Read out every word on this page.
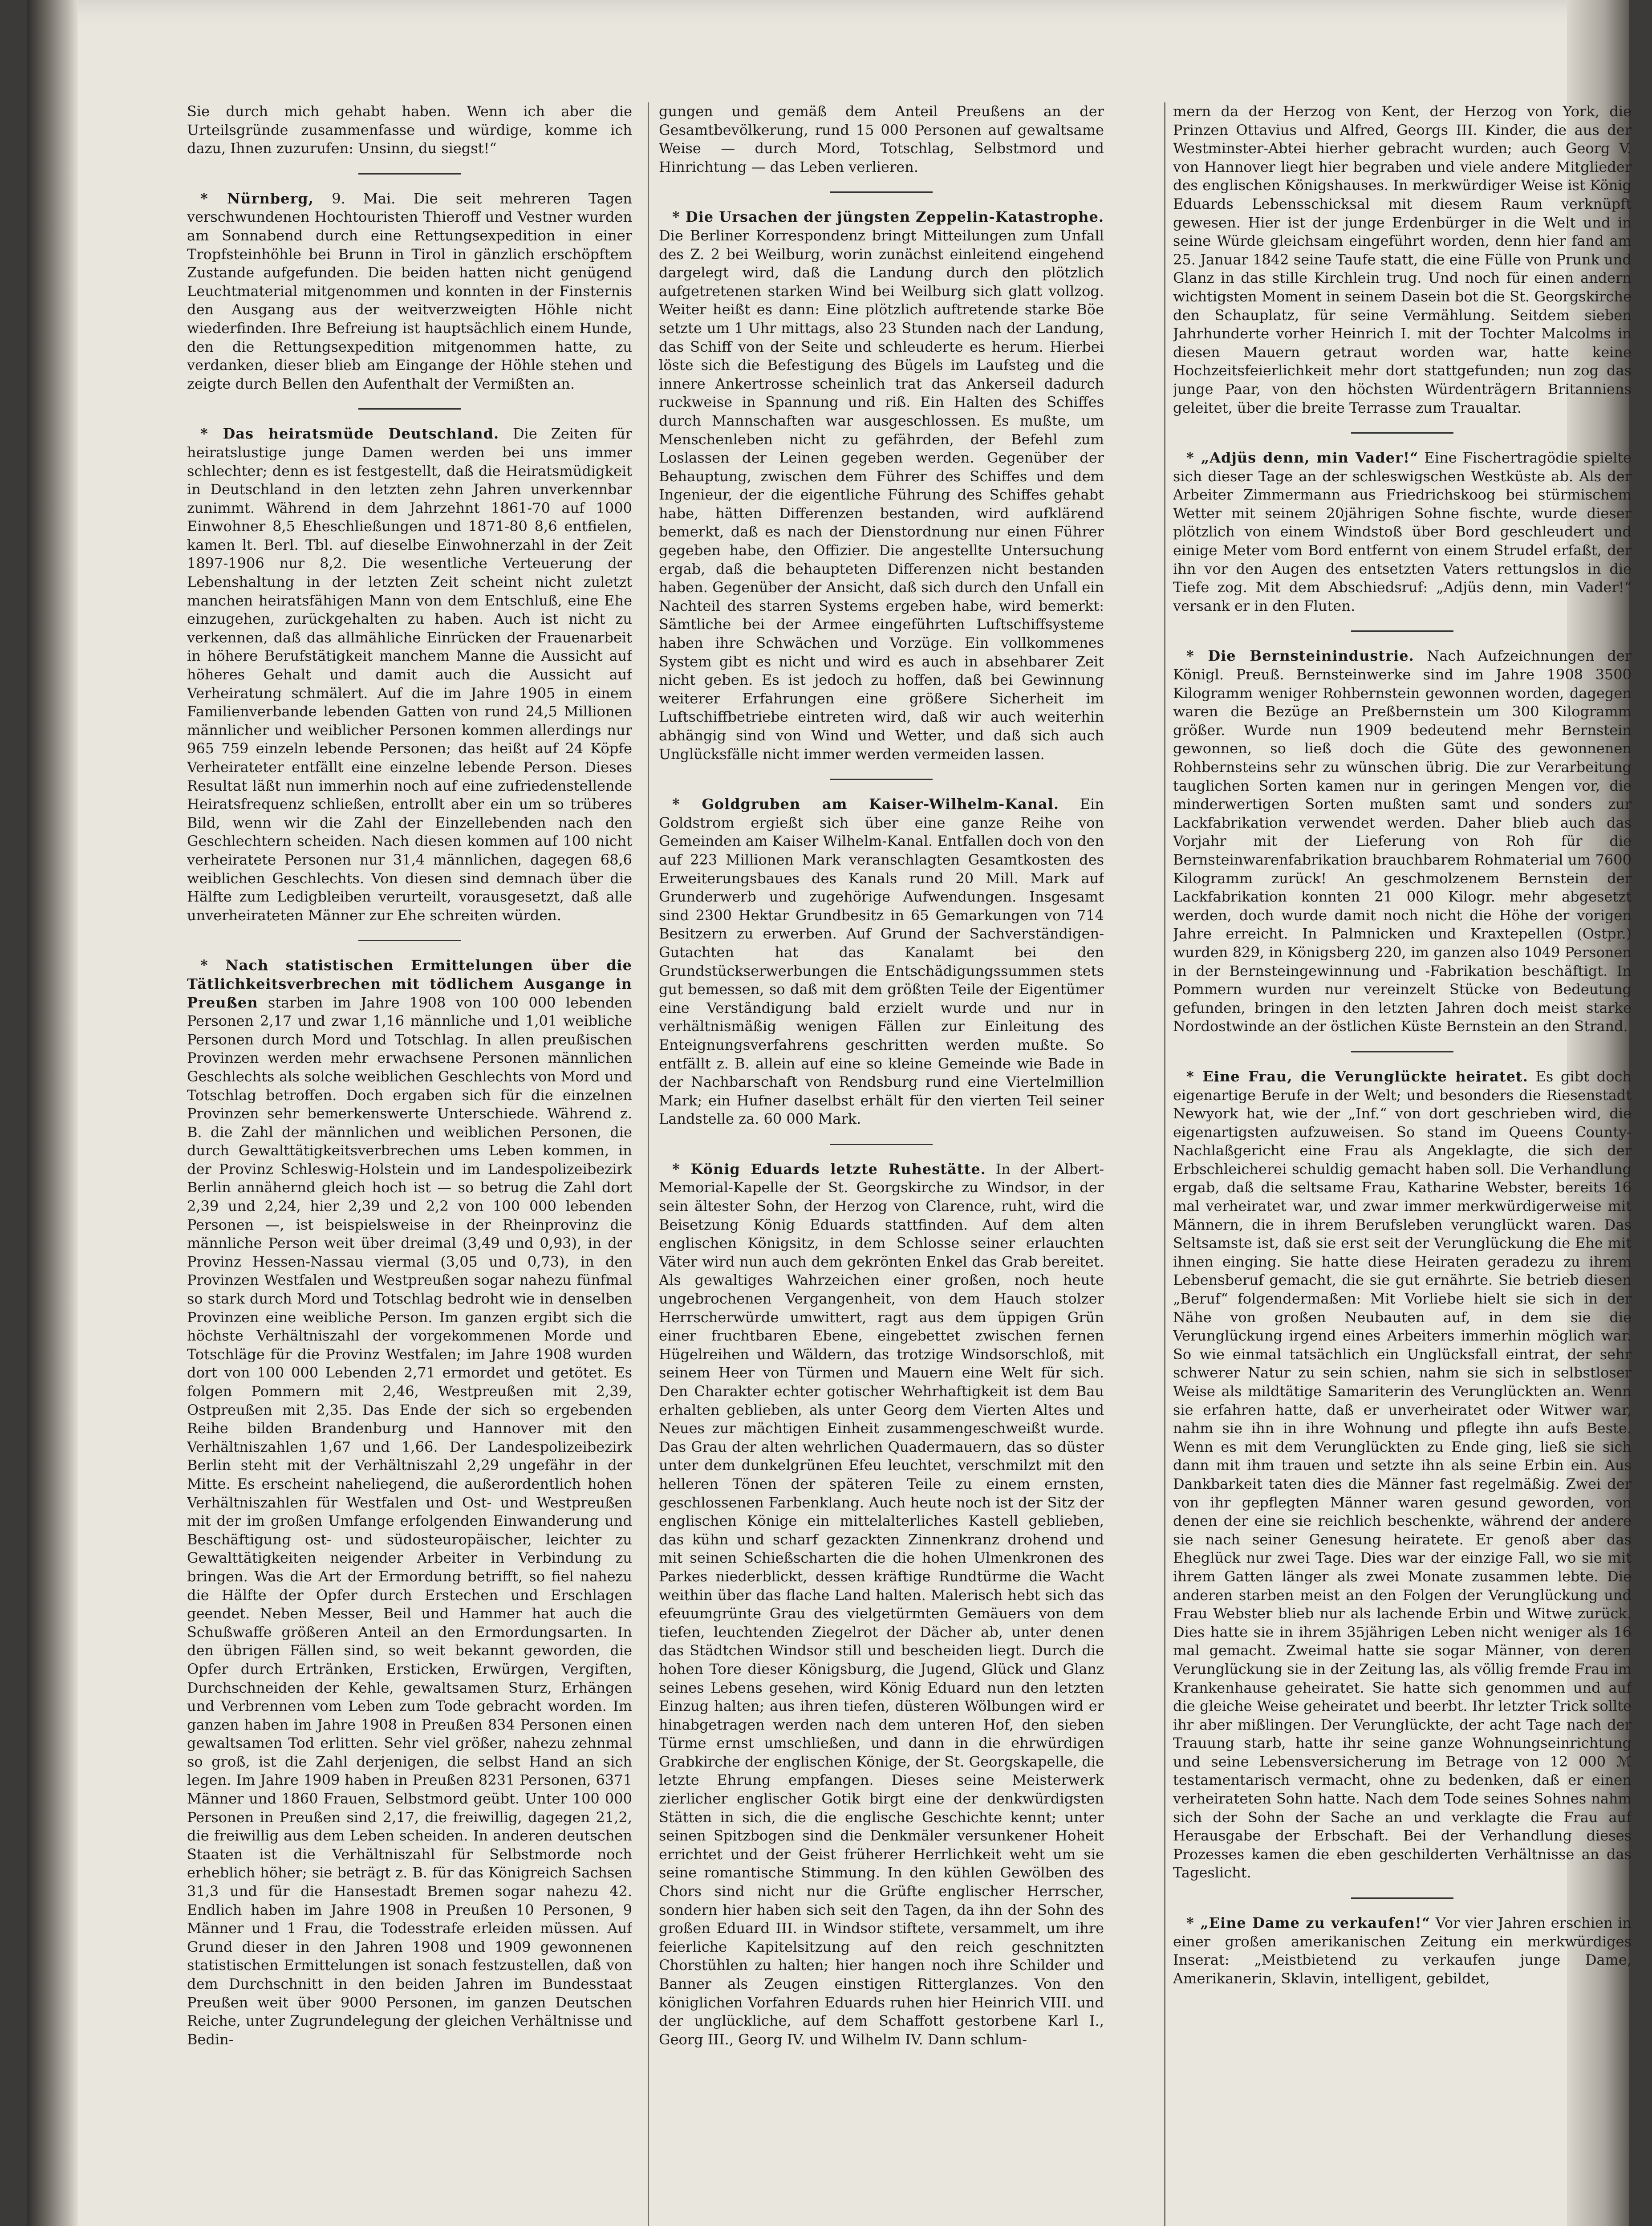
Sie durch mich gehabt haben. Wenn ich aber die Urteilsgründe zusammenfasse und würdige, komme ich dazu, Ihnen zuzurufen: Unsinn, du siegst!“

* Nürnberg, 9. Mai. Die seit mehreren Tagen verschwundenen Hochtouristen Thieroff und Vestner wurden am Sonnabend durch eine Rettungsexpedition in einer Tropfsteinhöhle bei Brunn in Tirol in gänzlich erschöpftem Zustande aufgefunden. Die beiden hatten nicht genügend Leuchtmaterial mitgenommen und konnten in der Finsternis den Ausgang aus der weitverzweigten Höhle nicht wiederfinden. Ihre Befreiung ist hauptsächlich einem Hunde, den die Rettungsexpedition mitgenommen hatte, zu verdanken, dieser blieb am Eingange der Höhle stehen und zeigte durch Bellen den Aufenthalt der Vermißten an.

* Das heiratsmüde Deutschland. Die Zeiten für heiratslustige junge Damen werden bei uns immer schlechter; denn es ist festgestellt, daß die Heiratsmüdigkeit in Deutschland in den letzten zehn Jahren unverkennbar zunimmt. Während in dem Jahrzehnt 1861-70 auf 1000 Einwohner 8,5 Eheschließungen und 1871-80 8,6 entfielen, kamen lt. Berl. Tbl. auf dieselbe Einwohnerzahl in der Zeit 1897-1906 nur 8,2. Die wesentliche Verteuerung der Lebenshaltung in der letzten Zeit scheint nicht zuletzt manchen heiratsfähigen Mann von dem Entschluß, eine Ehe einzugehen, zurückgehalten zu haben. Auch ist nicht zu verkennen, daß das allmähliche Einrücken der Frauenarbeit in höhere Berufstätigkeit manchem Manne die Aussicht auf höheres Gehalt und damit auch die Aussicht auf Verheiratung schmälert. Auf die im Jahre 1905 in einem Familienverbande lebenden Gatten von rund 24,5 Millionen männlicher und weiblicher Personen kommen allerdings nur 965 759 einzeln lebende Personen; das heißt auf 24 Köpfe Verheirateter entfällt eine einzelne lebende Person. Dieses Resultat läßt nun immerhin noch auf eine zufriedenstellende Heiratsfrequenz schließen, entrollt aber ein um so trüberes Bild, wenn wir die Zahl der Einzellebenden nach den Geschlechtern scheiden. Nach diesen kommen auf 100 nicht verheiratete Personen nur 31,4 männlichen, dagegen 68,6 weiblichen Geschlechts. Von diesen sind demnach über die Hälfte zum Ledigbleiben verurteilt, vorausgesetzt, daß alle unverheirateten Männer zur Ehe schreiten würden.

* Nach statistischen Ermittelungen über die Tätlichkeitsverbrechen mit tödlichem Ausgange in Preußen starben im Jahre 1908 von 100 000 lebenden Personen 2,17 und zwar 1,16 männliche und 1,01 weibliche Personen durch Mord und Totschlag. In allen preußischen Provinzen werden mehr erwachsene Personen männlichen Geschlechts als solche weiblichen Geschlechts von Mord und Totschlag betroffen. Doch ergaben sich für die einzelnen Provinzen sehr bemerkenswerte Unterschiede. Während z. B. die Zahl der männlichen und weiblichen Personen, die durch Gewalttätigkeitsverbrechen ums Leben kommen, in der Provinz Schleswig-Holstein und im Landespolizeibezirk Berlin annähernd gleich hoch ist — so betrug die Zahl dort 2,39 und 2,24, hier 2,39 und 2,2 von 100 000 lebenden Personen —, ist beispielsweise in der Rheinprovinz die männliche Person weit über dreimal (3,49 und 0,93), in der Provinz Hessen-Nassau viermal (3,05 und 0,73), in den Provinzen Westfalen und Westpreußen sogar nahezu fünfmal so stark durch Mord und Totschlag bedroht wie in denselben Provinzen eine weibliche Person. Im ganzen ergibt sich die höchste Verhältniszahl der vorgekommenen Morde und Totschläge für die Provinz Westfalen; im Jahre 1908 wurden dort von 100 000 Lebenden 2,71 ermordet und getötet. Es folgen Pommern mit 2,46, Westpreußen mit 2,39, Ostpreußen mit 2,35. Das Ende der sich so ergebenden Reihe bilden Brandenburg und Hannover mit den Verhältniszahlen 1,67 und 1,66. Der Landespolizeibezirk Berlin steht mit der Verhältniszahl 2,29 ungefähr in der Mitte. Es erscheint naheliegend, die außerordentlich hohen Verhältniszahlen für Westfalen und Ost- und Westpreußen mit der im großen Umfange erfolgenden Einwanderung und Beschäftigung ost- und südosteuropäischer, leichter zu Gewalttätigkeiten neigender Arbeiter in Verbindung zu bringen. Was die Art der Ermordung betrifft, so fiel nahezu die Hälfte der Opfer durch Erstechen und Erschlagen geendet. Neben Messer, Beil und Hammer hat auch die Schußwaffe größeren Anteil an den Ermordungsarten. In den übrigen Fällen sind, so weit bekannt geworden, die Opfer durch Ertränken, Ersticken, Erwürgen, Vergiften, Durchschneiden der Kehle, gewaltsamen Sturz, Erhängen und Verbrennen vom Leben zum Tode gebracht worden. Im ganzen haben im Jahre 1908 in Preußen 834 Personen einen gewaltsamen Tod erlitten. Sehr viel größer, nahezu zehnmal so groß, ist die Zahl derjenigen, die selbst Hand an sich legen. Im Jahre 1909 haben in Preußen 8231 Personen, 6371 Männer und 1860 Frauen, Selbstmord geübt. Unter 100 000 Personen in Preußen sind 2,17, die freiwillig, dagegen 21,2, die freiwillig aus dem Leben scheiden. In anderen deutschen Staaten ist die Verhältniszahl für Selbstmorde noch erheblich höher; sie beträgt z. B. für das Königreich Sachsen 31,3 und für die Hansestadt Bremen sogar nahezu 42. Endlich haben im Jahre 1908 in Preußen 10 Personen, 9 Männer und 1 Frau, die Todesstrafe erleiden müssen. Auf Grund dieser in den Jahren 1908 und 1909 gewonnenen statistischen Ermittelungen ist sonach festzustellen, daß von dem Durchschnitt in den beiden Jahren im Bundesstaat Preußen weit über 9000 Personen, im ganzen Deutschen Reiche, unter Zugrundelegung der gleichen Verhältnisse und Bedin-

gungen und gemäß dem Anteil Preußens an der Gesamtbevölkerung, rund 15 000 Personen auf gewaltsame Weise — durch Mord, Totschlag, Selbstmord und Hinrichtung — das Leben verlieren.

* Die Ursachen der jüngsten Zeppelin-Katastrophe. Die Berliner Korrespondenz bringt Mitteilungen zum Unfall des Z. 2 bei Weilburg, worin zunächst einleitend eingehend dargelegt wird, daß die Landung durch den plötzlich aufgetretenen starken Wind bei Weilburg sich glatt vollzog. Weiter heißt es dann: Eine plötzlich auftretende starke Böe setzte um 1 Uhr mittags, also 23 Stunden nach der Landung, das Schiff von der Seite und schleuderte es herum. Hierbei löste sich die Befestigung des Bügels im Laufsteg und die innere Ankertrosse scheinlich trat das Ankerseil dadurch ruckweise in Spannung und riß. Ein Halten des Schiffes durch Mannschaften war ausgeschlossen. Es mußte, um Menschenleben nicht zu gefährden, der Befehl zum Loslassen der Leinen gegeben werden. Gegenüber der Behauptung, zwischen dem Führer des Schiffes und dem Ingenieur, der die eigentliche Führung des Schiffes gehabt habe, hätten Differenzen bestanden, wird aufklärend bemerkt, daß es nach der Dienstordnung nur einen Führer gegeben habe, den Offizier. Die angestellte Untersuchung ergab, daß die behaupteten Differenzen nicht bestanden haben. Gegenüber der Ansicht, daß sich durch den Unfall ein Nachteil des starren Systems ergeben habe, wird bemerkt: Sämtliche bei der Armee eingeführten Luftschiffsysteme haben ihre Schwächen und Vorzüge. Ein vollkommenes System gibt es nicht und wird es auch in absehbarer Zeit nicht geben. Es ist jedoch zu hoffen, daß bei Gewinnung weiterer Erfahrungen eine größere Sicherheit im Luftschiffbetriebe eintreten wird, daß wir auch weiterhin abhängig sind von Wind und Wetter, und daß sich auch Unglücksfälle nicht immer werden vermeiden lassen.

* Goldgruben am Kaiser-Wilhelm-Kanal. Ein Goldstrom ergießt sich über eine ganze Reihe von Gemeinden am Kaiser Wilhelm-Kanal. Entfallen doch von den auf 223 Millionen Mark veranschlagten Gesamtkosten des Erweiterungsbaues des Kanals rund 20 Mill. Mark auf Grunderwerb und zugehörige Aufwendungen. Insgesamt sind 2300 Hektar Grundbesitz in 65 Gemarkungen von 714 Besitzern zu erwerben. Auf Grund der Sachverständigen-Gutachten hat das Kanalamt bei den Grundstückserwerbungen die Entschädigungssummen stets gut bemessen, so daß mit dem größten Teile der Eigentümer eine Verständigung bald erzielt wurde und nur in verhältnismäßig wenigen Fällen zur Einleitung des Enteignungsverfahrens geschritten werden mußte. So entfällt z. B. allein auf eine so kleine Gemeinde wie Bade in der Nachbarschaft von Rendsburg rund eine Viertelmillion Mark; ein Hufner daselbst erhält für den vierten Teil seiner Landstelle za. 60 000 Mark.

* König Eduards letzte Ruhestätte. In der Albert-Memorial-Kapelle der St. Georgskirche zu Windsor, in der sein ältester Sohn, der Herzog von Clarence, ruht, wird die Beisetzung König Eduards stattfinden. Auf dem alten englischen Königsitz, in dem Schlosse seiner erlauchten Väter wird nun auch dem gekrönten Enkel das Grab bereitet. Als gewaltiges Wahrzeichen einer großen, noch heute ungebrochenen Vergangenheit, von dem Hauch stolzer Herrscherwürde umwittert, ragt aus dem üppigen Grün einer fruchtbaren Ebene, eingebettet zwischen fernen Hügelreihen und Wäldern, das trotzige Windsorschloß, mit seinem Heer von Türmen und Mauern eine Welt für sich. Den Charakter echter gotischer Wehrhaftigkeit ist dem Bau erhalten geblieben, als unter Georg dem Vierten Altes und Neues zur mächtigen Einheit zusammengeschweißt wurde. Das Grau der alten wehrlichen Quadermauern, das so düster unter dem dunkelgrünen Efeu leuchtet, verschmilzt mit den helleren Tönen der späteren Teile zu einem ernsten, geschlossenen Farbenklang. Auch heute noch ist der Sitz der englischen Könige ein mittelalterliches Kastell geblieben, das kühn und scharf gezackten Zinnenkranz drohend und mit seinen Schießscharten die die hohen Ulmenkronen des Parkes niederblickt, dessen kräftige Rundtürme die Wacht weithin über das flache Land halten. Malerisch hebt sich das efeuumgrünte Grau des vielgetürmten Gemäuers von dem tiefen, leuchtenden Ziegelrot der Dächer ab, unter denen das Städtchen Windsor still und bescheiden liegt. Durch die hohen Tore dieser Königsburg, die Jugend, Glück und Glanz seines Lebens gesehen, wird König Eduard nun den letzten Einzug halten; aus ihren tiefen, düsteren Wölbungen wird er hinabgetragen werden nach dem unteren Hof, den sieben Türme ernst umschließen, und dann in die ehrwürdigen Grabkirche der englischen Könige, der St. Georgskapelle, die letzte Ehrung empfangen. Dieses seine Meisterwerk zierlicher englischer Gotik birgt eine der denkwürdigsten Stätten in sich, die die englische Geschichte kennt; unter seinen Spitzbogen sind die Denkmäler versunkener Hoheit errichtet und der Geist früherer Herrlichkeit weht um sie seine romantische Stimmung. In den kühlen Gewölben des Chors sind nicht nur die Grüfte englischer Herrscher, sondern hier haben sich seit den Tagen, da ihn der Sohn des großen Eduard III. in Windsor stiftete, versammelt, um ihre feierliche Kapitelsitzung auf den reich geschnitzten Chorstühlen zu halten; hier hangen noch ihre Schilder und Banner als Zeugen einstigen Ritterglanzes. Von den königlichen Vorfahren Eduards ruhen hier Heinrich VIII. und der unglückliche, auf dem Schaffott gestorbene Karl I., Georg III., Georg IV. und Wilhelm IV. Dann schlum-

mern da der Herzog von Kent, der Herzog von York, die Prinzen Ottavius und Alfred, Georgs III. Kinder, die aus der Westminster-Abtei hierher gebracht wurden; auch Georg V. von Hannover liegt hier begraben und viele andere Mitglieder des englischen Königshauses. In merkwürdiger Weise ist König Eduards Lebensschicksal mit diesem Raum verknüpft gewesen. Hier ist der junge Erdenbürger in die Welt und in seine Würde gleichsam eingeführt worden, denn hier fand am 25. Januar 1842 seine Taufe statt, die eine Fülle von Prunk und Glanz in das stille Kirchlein trug. Und noch für einen andern wichtigsten Moment in seinem Dasein bot die St. Georgskirche den Schauplatz, für seine Vermählung. Seitdem sieben Jahrhunderte vorher Heinrich I. mit der Tochter Malcolms in diesen Mauern getraut worden war, hatte keine Hochzeitsfeierlichkeit mehr dort stattgefunden; nun zog das junge Paar, von den höchsten Würdenträgern Britanniens geleitet, über die breite Terrasse zum Traualtar.

* „Adjüs denn, min Vader!“ Eine Fischertragödie spielte sich dieser Tage an der schleswigschen Westküste ab. Als der Arbeiter Zimmermann aus Friedrichskoog bei stürmischem Wetter mit seinem 20jährigen Sohne fischte, wurde dieser plötzlich von einem Windstoß über Bord geschleudert und einige Meter vom Bord entfernt von einem Strudel erfaßt, der ihn vor den Augen des entsetzten Vaters rettungslos in die Tiefe zog. Mit dem Abschiedsruf: „Adjüs denn, min Vader!“ versank er in den Fluten.

* Die Bernsteinindustrie. Nach Aufzeichnungen der Königl. Preuß. Bernsteinwerke sind im Jahre 1908 3500 Kilogramm weniger Rohbernstein gewonnen worden, dagegen waren die Bezüge an Preßbernstein um 300 Kilogramm größer. Wurde nun 1909 bedeutend mehr Bernstein gewonnen, so ließ doch die Güte des gewonnenen Rohbernsteins sehr zu wünschen übrig. Die zur Verarbeitung tauglichen Sorten kamen nur in geringen Mengen vor, die minderwertigen Sorten mußten samt und sonders zur Lackfabrikation verwendet werden. Daher blieb auch das Vorjahr mit der Lieferung von Roh für die Bernsteinwarenfabrikation brauchbarem Rohmaterial um 7600 Kilogramm zurück! An geschmolzenem Bernstein der Lackfabrikation konnten 21 000 Kilogr. mehr abgesetzt werden, doch wurde damit noch nicht die Höhe der vorigen Jahre erreicht. In Palmnicken und Kraxtepellen (Ostpr.) wurden 829, in Königsberg 220, im ganzen also 1049 Personen in der Bernsteingewinnung und -Fabrikation beschäftigt. In Pommern wurden nur vereinzelt Stücke von Bedeutung gefunden, bringen in den letzten Jahren doch meist starke Nordostwinde an der östlichen Küste Bernstein an den Strand.

* Eine Frau, die Verunglückte heiratet. Es gibt doch eigenartige Berufe in der Welt; und besonders die Riesenstadt Newyork hat, wie der „Inf.“ von dort geschrieben wird, die eigenartigsten aufzuweisen. So stand im Queens County-Nachlaßgericht eine Frau als Angeklagte, die sich der Erbschleicherei schuldig gemacht haben soll. Die Verhandlung ergab, daß die seltsame Frau, Katharine Webster, bereits 16 mal verheiratet war, und zwar immer merkwürdigerweise mit Männern, die in ihrem Berufsleben verunglückt waren. Das Seltsamste ist, daß sie erst seit der Verunglückung die Ehe mit ihnen einging. Sie hatte diese Heiraten geradezu zu ihrem Lebensberuf gemacht, die sie gut ernährte. Sie betrieb diesen „Beruf“ folgendermaßen: Mit Vorliebe hielt sie sich in der Nähe von großen Neubauten auf, in dem sie die Verunglückung irgend eines Arbeiters immerhin möglich war. So wie einmal tatsächlich ein Unglücksfall eintrat, der sehr schwerer Natur zu sein schien, nahm sie sich in selbstloser Weise als mildtätige Samariterin des Verunglückten an. Wenn sie erfahren hatte, daß er unverheiratet oder Witwer war, nahm sie ihn in ihre Wohnung und pflegte ihn aufs Beste. Wenn es mit dem Verunglückten zu Ende ging, ließ sie sich dann mit ihm trauen und setzte ihn als seine Erbin ein. Aus Dankbarkeit taten dies die Männer fast regelmäßig. Zwei der von ihr gepflegten Männer waren gesund geworden, von denen der eine sie reichlich beschenkte, während der andere sie nach seiner Genesung heiratete. Er genoß aber das Eheglück nur zwei Tage. Dies war der einzige Fall, wo sie mit ihrem Gatten länger als zwei Monate zusammen lebte. Die anderen starben meist an den Folgen der Verunglückung und Frau Webster blieb nur als lachende Erbin und Witwe zurück. Dies hatte sie in ihrem 35jährigen Leben nicht weniger als 16 mal gemacht. Zweimal hatte sie sogar Männer, von deren Verunglückung sie in der Zeitung las, als völlig fremde Frau im Krankenhause geheiratet. Sie hatte sich genommen und auf die gleiche Weise geheiratet und beerbt. Ihr letzter Trick sollte ihr aber mißlingen. Der Verunglückte, der acht Tage nach der Trauung starb, hatte ihr seine ganze Wohnungseinrichtung und seine Lebensversicherung im Betrage von 12 000 ℳ testamentarisch vermacht, ohne zu bedenken, daß er einen verheirateten Sohn hatte. Nach dem Tode seines Sohnes nahm sich der Sohn der Sache an und verklagte die Frau auf Herausgabe der Erbschaft. Bei der Verhandlung dieses Prozesses kamen die eben geschilderten Verhältnisse an das Tageslicht.

* „Eine Dame zu verkaufen!“ Vor vier Jahren erschien in einer großen amerikanischen Zeitung ein merkwürdiges Inserat: „Meistbietend zu verkaufen junge Dame, Amerikanerin, Sklavin, intelligent, gebildet,
